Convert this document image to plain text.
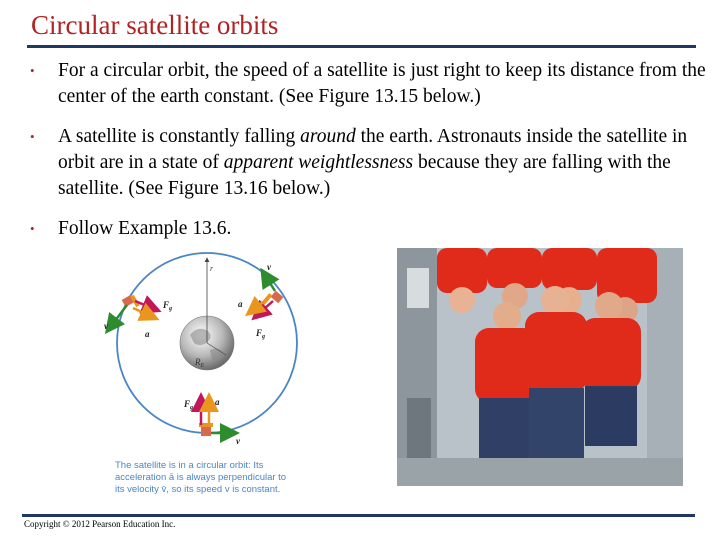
Circular satellite orbits
• For a circular orbit, the speed of a satellite is just right to keep its distance from the center of the earth constant. (See Figure 13.15 below.)
• A satellite is constantly falling around the earth. Astronauts inside the satellite in orbit are in a state of apparent weightlessness because they are falling with the satellite. (See Figure 13.16 below.)
• Follow Example 13.6.
r
$R_E$
v
$F_g$
a
v
$F_g$
a
v
$F_g$
a
The satellite is in a circular orbit: Its
acceleration ā is always perpendicular to
its velocity v̄, so its speed v is constant.
Copyright © 2012 Pearson Education Inc.
